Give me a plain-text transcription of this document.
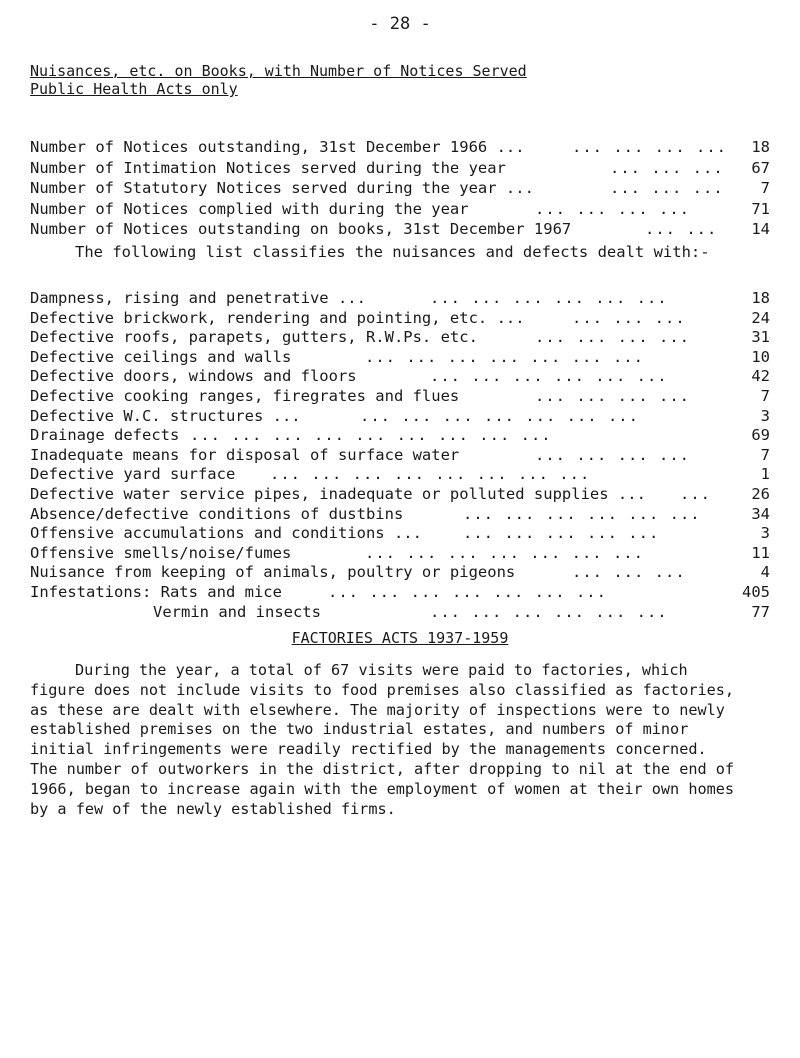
- 28 -
Nuisances, etc. on Books, with Number of Notices Served
Public Health Acts only
Number of Notices outstanding, 31st December 1966 ...	... ... ... ... 18
Number of Intimation Notices served during the year	... ... ... 67
Number of Statutory Notices served during the year ...	... ... ... 7
Number of Notices complied with during the year	... ... ... ...	71
Number of Notices outstanding on books, 31st December 1967	... ... 14
The following list classifies the nuisances and defects dealt with:-
Dampness, rising and penetrative ...	... ... ... ... ... ...	18
Defective brickwork, rendering and pointing, etc. ...	... ... ...	24
Defective roofs, parapets, gutters, R.W.Ps. etc.	... ... ... ...	31
Defective ceilings and walls	... ... ... ... ... ... ...	10
Defective doors, windows and floors	... ... ... ... ... ...	42
Defective cooking ranges, firegrates and flues	... ... ... ...	7
Defective W.C. structures ...	... ... ... ... ... ... ...	3
Drainage defects ... ... ... ... ... ... ... ... ...	69
Inadequate means for disposal of surface water	... ... ... ...	7
Defective yard surface ... ... ... ... ... ... ... ...	1
Defective water service pipes, inadequate or polluted supplies ... ...	26
Absence/defective conditions of dustbins	... ... ... ... ... ...	34
Offensive accumulations and conditions ...	... ... ... ... ...	3
Offensive smells/noise/fumes	... ... ... ... ... ... ...	11
Nuisance from keeping of animals, poultry or pigeons	... ... ...	4
Infestations: Rats and mice	... ... ... ... ... ... ...	405
Vermin and insects	... ... ... ... ... ...	77
FACTORIES ACTS 1937-1959
During the year, a total of 67 visits were paid to factories, which
figure does not include visits to food premises also classified as factories,
as these are dealt with elsewhere. The majority of inspections were to newly
established premises on the two industrial estates, and numbers of minor
initial infringements were readily rectified by the managements concerned.
The number of outworkers in the district, after dropping to nil at the end of
1966, began to increase again with the employment of women at their own homes
by a few of the newly established firms.
